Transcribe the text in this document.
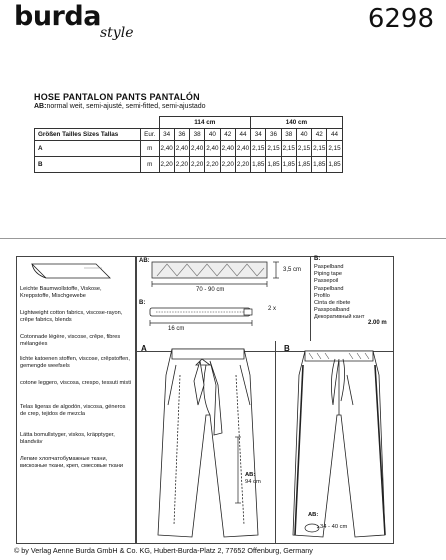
burda
style	6298
HOSE PANTALON PANTS PANTALÓN
AB:normal weit, semi-ajusté, semi-fitted, semi-ajustado
		114 cm						140 cm					
Größen Tailles Sizes Tallas	Eur.	34	36	38	40	42	44	34	36	38	40	42	44
A	m	2,40	2,40	2,40	2,40	2,40	2,40	2,15	2,15	2,15	2,15	2,15	2,15
B	m	2,20	2,20	2,20	2,20	2,20	2,20	1,85	1,85	1,85	1,85	1,85	1,85
Leichte Baumwollstoffe, Viskose, Kreppstoffe, Mischgewebe
Lightweight cotton fabrics, viscose-rayon, crêpe fabrics, blends
Cotonnade légère, viscose, crêpe, fibres mélangées
lichte katoenen stoffen, viscose, crêpstoffen, gemengde weefsels
cotone leggero, viscosa, crespo, tessuti misti
Telas ligeras de algodón, viscosa, géneros de crep, tejidos de mezcla
Lätta bomullstyger, viskos, kräpptyger, blandväv
Легкие хлопчатобумажные ткани, вискозные ткани, креп, смесовые ткани
AB:
3,5 cm
70 - 90 cm
B:
2 x
16 cm
B:
Paspelband
Piping tape
Passepoil
Paspelband
Profilo
Cinta de ribete
Passpoalband
Декоративный кант
2.00 m
A	B
AB:
94 cm
AB:
34 - 40 cm
© by Verlag Aenne Burda GmbH & Co. KG, Hubert-Burda-Platz 2, 77652 Offenburg, Germany
